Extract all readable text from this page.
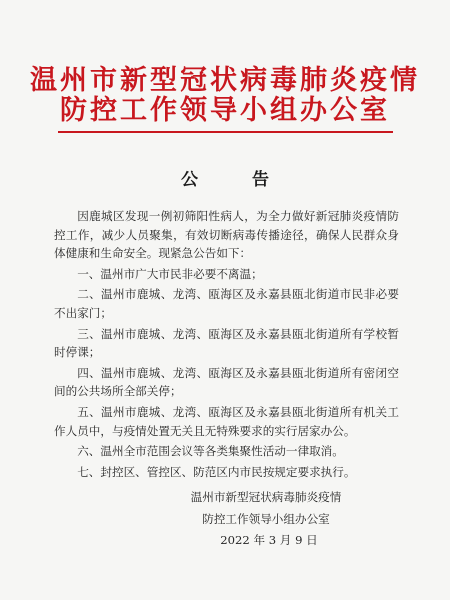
温州市新型冠状病毒肺炎疫情
防控工作领导小组办公室
公 告

因鹿城区发现一例初筛阳性病人，为全力做好新冠肺炎疫情防控工作，减少人员聚集，有效切断病毒传播途径，确保人民群众身体健康和生命安全。现紧急公告如下：

一、温州市广大市民非必要不离温；

二、温州市鹿城、龙湾、瓯海区及永嘉县瓯北街道市民非必要不出家门；

三、温州市鹿城、龙湾、瓯海区及永嘉县瓯北街道所有学校暂时停课；

四、温州市鹿城、龙湾、瓯海区及永嘉县瓯北街道所有密闭空间的公共场所全部关停；

五、温州市鹿城、龙湾、瓯海区及永嘉县瓯北街道所有机关工作人员中，与疫情处置无关且无特殊要求的实行居家办公。

六、温州全市范围会议等各类集聚性活动一律取消。

七、封控区、管控区、防范区内市民按规定要求执行。

温州市新型冠状病毒肺炎疫情
防控工作领导小组办公室
2022 年 3 月 9 日
